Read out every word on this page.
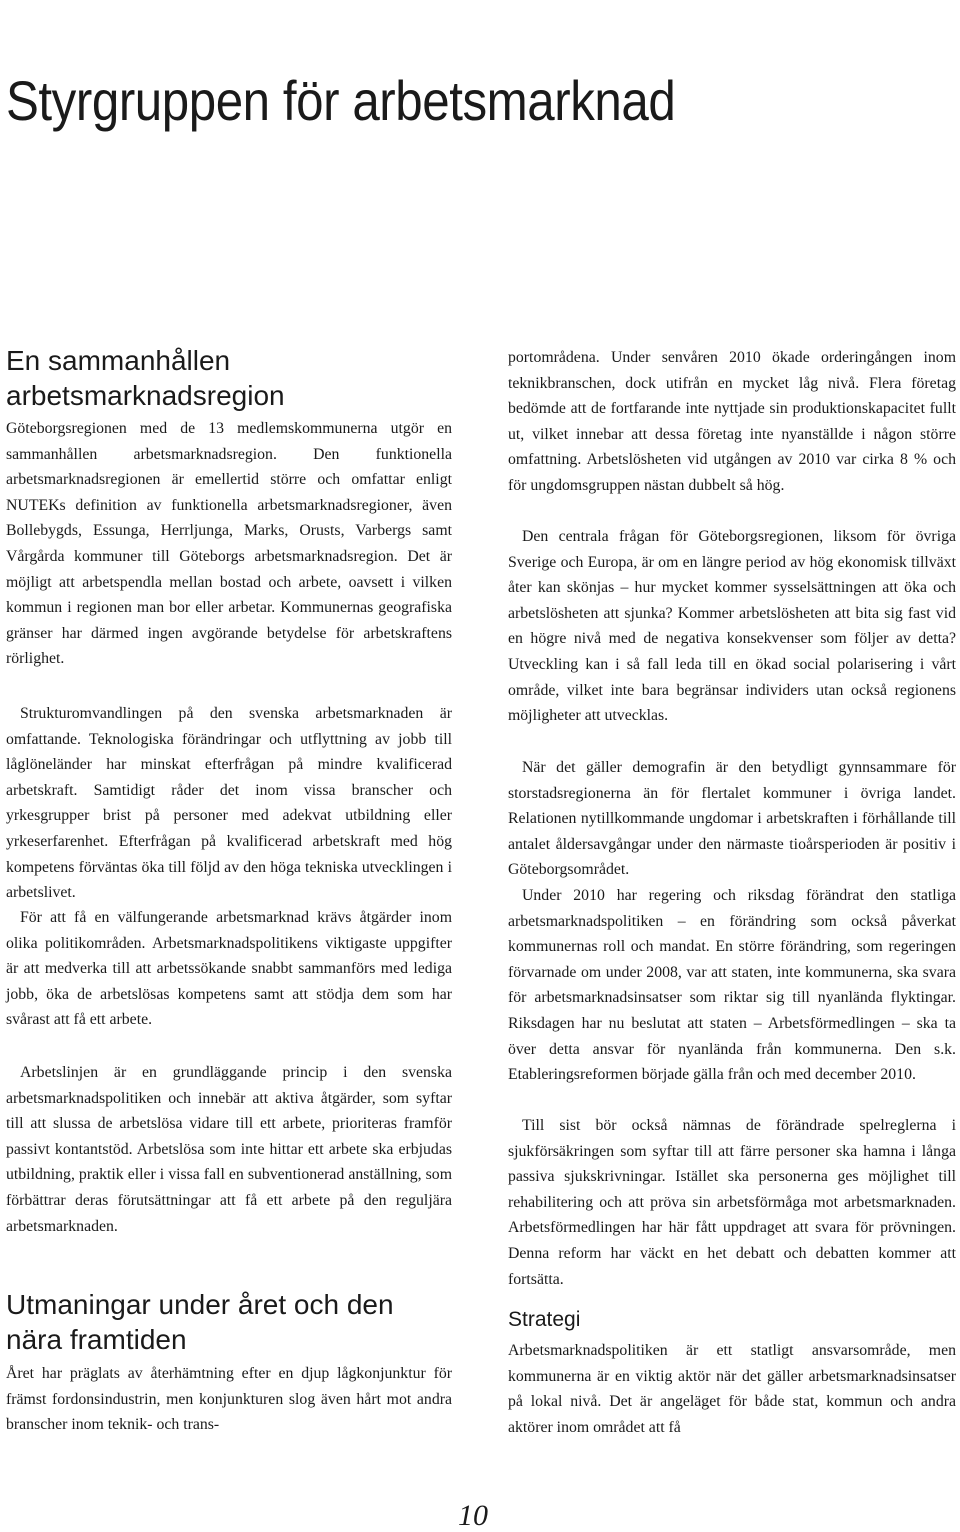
Styrgruppen för arbetsmarknad
En sammanhållen arbetsmarknadsregion

Göteborgsregionen med de 13 medlemskommunerna utgör en sammanhållen arbetsmarknadsregion. Den funktionella arbetsmarknadsregionen är emellertid större och omfattar enligt NUTEKs definition av funktionella arbetsmarknadsregioner, även Bollebygds, Essunga, Herrljunga, Marks, Orusts, Varbergs samt Vårgårda kommuner till Göteborgs arbetsmarknadsregion. Det är möjligt att arbetspendla mellan bostad och arbete, oavsett i vilken kommun i regionen man bor eller arbetar. Kommunernas geografiska gränser har därmed ingen avgörande betydelse för arbetskraftens rörlighet.

Strukturomvandlingen på den svenska arbetsmarknaden är omfattande. Teknologiska förändringar och utflyttning av jobb till låglöneländer har minskat efterfrågan på mindre kvalificerad arbetskraft. Samtidigt råder det inom vissa branscher och yrkesgrupper brist på personer med adekvat utbildning eller yrkeserfarenhet. Efterfrågan på kvalificerad arbetskraft med hög kompetens förväntas öka till följd av den höga tekniska utvecklingen i arbetslivet.

För att få en välfungerande arbetsmarknad krävs åtgärder inom olika politikområden. Arbetsmarknadspolitikens viktigaste uppgifter är att medverka till att arbetssökande snabbt sammanförs med lediga jobb, öka de arbetslösas kompetens samt att stödja dem som har svårast att få ett arbete.

Arbetslinjen är en grundläggande princip i den svenska arbetsmarknadspolitiken och innebär att aktiva åtgärder, som syftar till att slussa de arbetslösa vidare till ett arbete, prioriteras framför passivt kontantstöd. Arbetslösa som inte hittar ett arbete ska erbjudas utbildning, praktik eller i vissa fall en subventionerad anställning, som förbättrar deras förutsättningar att få ett arbete på den reguljära arbetsmarknaden.

Utmaningar under året och den nära framtiden

Året har präglats av återhämtning efter en djup lågkonjunktur för främst fordonsindustrin, men konjunkturen slog även hårt mot andra branscher inom teknik- och trans-

portområdena. Under senvåren 2010 ökade orderingången inom teknikbranschen, dock utifrån en mycket låg nivå. Flera företag bedömde att de fortfarande inte nyttjade sin produktionskapacitet fullt ut, vilket innebar att dessa företag inte nyanställde i någon större omfattning. Arbetslösheten vid utgången av 2010 var cirka 8 % och för ungdomsgruppen nästan dubbelt så hög.

Den centrala frågan för Göteborgsregionen, liksom för övriga Sverige och Europa, är om en längre period av hög ekonomisk tillväxt åter kan skönjas – hur mycket kommer sysselsättningen att öka och arbetslösheten att sjunka? Kommer arbetslösheten att bita sig fast vid en högre nivå med de negativa konsekvenser som följer av detta? Utveckling kan i så fall leda till en ökad social polarisering i vårt område, vilket inte bara begränsar individers utan också regionens möjligheter att utvecklas.

När det gäller demografin är den betydligt gynnsammare för storstadsregionerna än för flertalet kommuner i övriga landet. Relationen nytillkommande ungdomar i arbetskraften i förhållande till antalet åldersavgångar under den närmaste tioårsperioden är positiv i Göteborgsområdet.

Under 2010 har regering och riksdag förändrat den statliga arbetsmarknadspolitiken – en förändring som också påverkat kommunernas roll och mandat. En större förändring, som regeringen förvarnade om under 2008, var att staten, inte kommunerna, ska svara för arbetsmarknadsinsatser som riktar sig till nyanlända flyktingar. Riksdagen har nu beslutat att staten – Arbetsförmedlingen – ska ta över detta ansvar för nyanlända från kommunerna. Den s.k. Etableringsreformen började gälla från och med december 2010.

Till sist bör också nämnas de förändrade spelreglerna i sjukförsäkringen som syftar till att färre personer ska hamna i långa passiva sjukskrivningar. Istället ska personerna ges möjlighet till rehabilitering och att pröva sin arbetsförmåga mot arbetsmarknaden. Arbetsförmedlingen har här fått uppdraget att svara för prövningen. Denna reform har väckt en het debatt och debatten kommer att fortsätta.

Strategi

Arbetsmarknadspolitiken är ett statligt ansvarsområde, men kommunerna är en viktig aktör när det gäller arbetsmarknadsinsatser på lokal nivå. Det är angeläget för både stat, kommun och andra aktörer inom området att få

10
